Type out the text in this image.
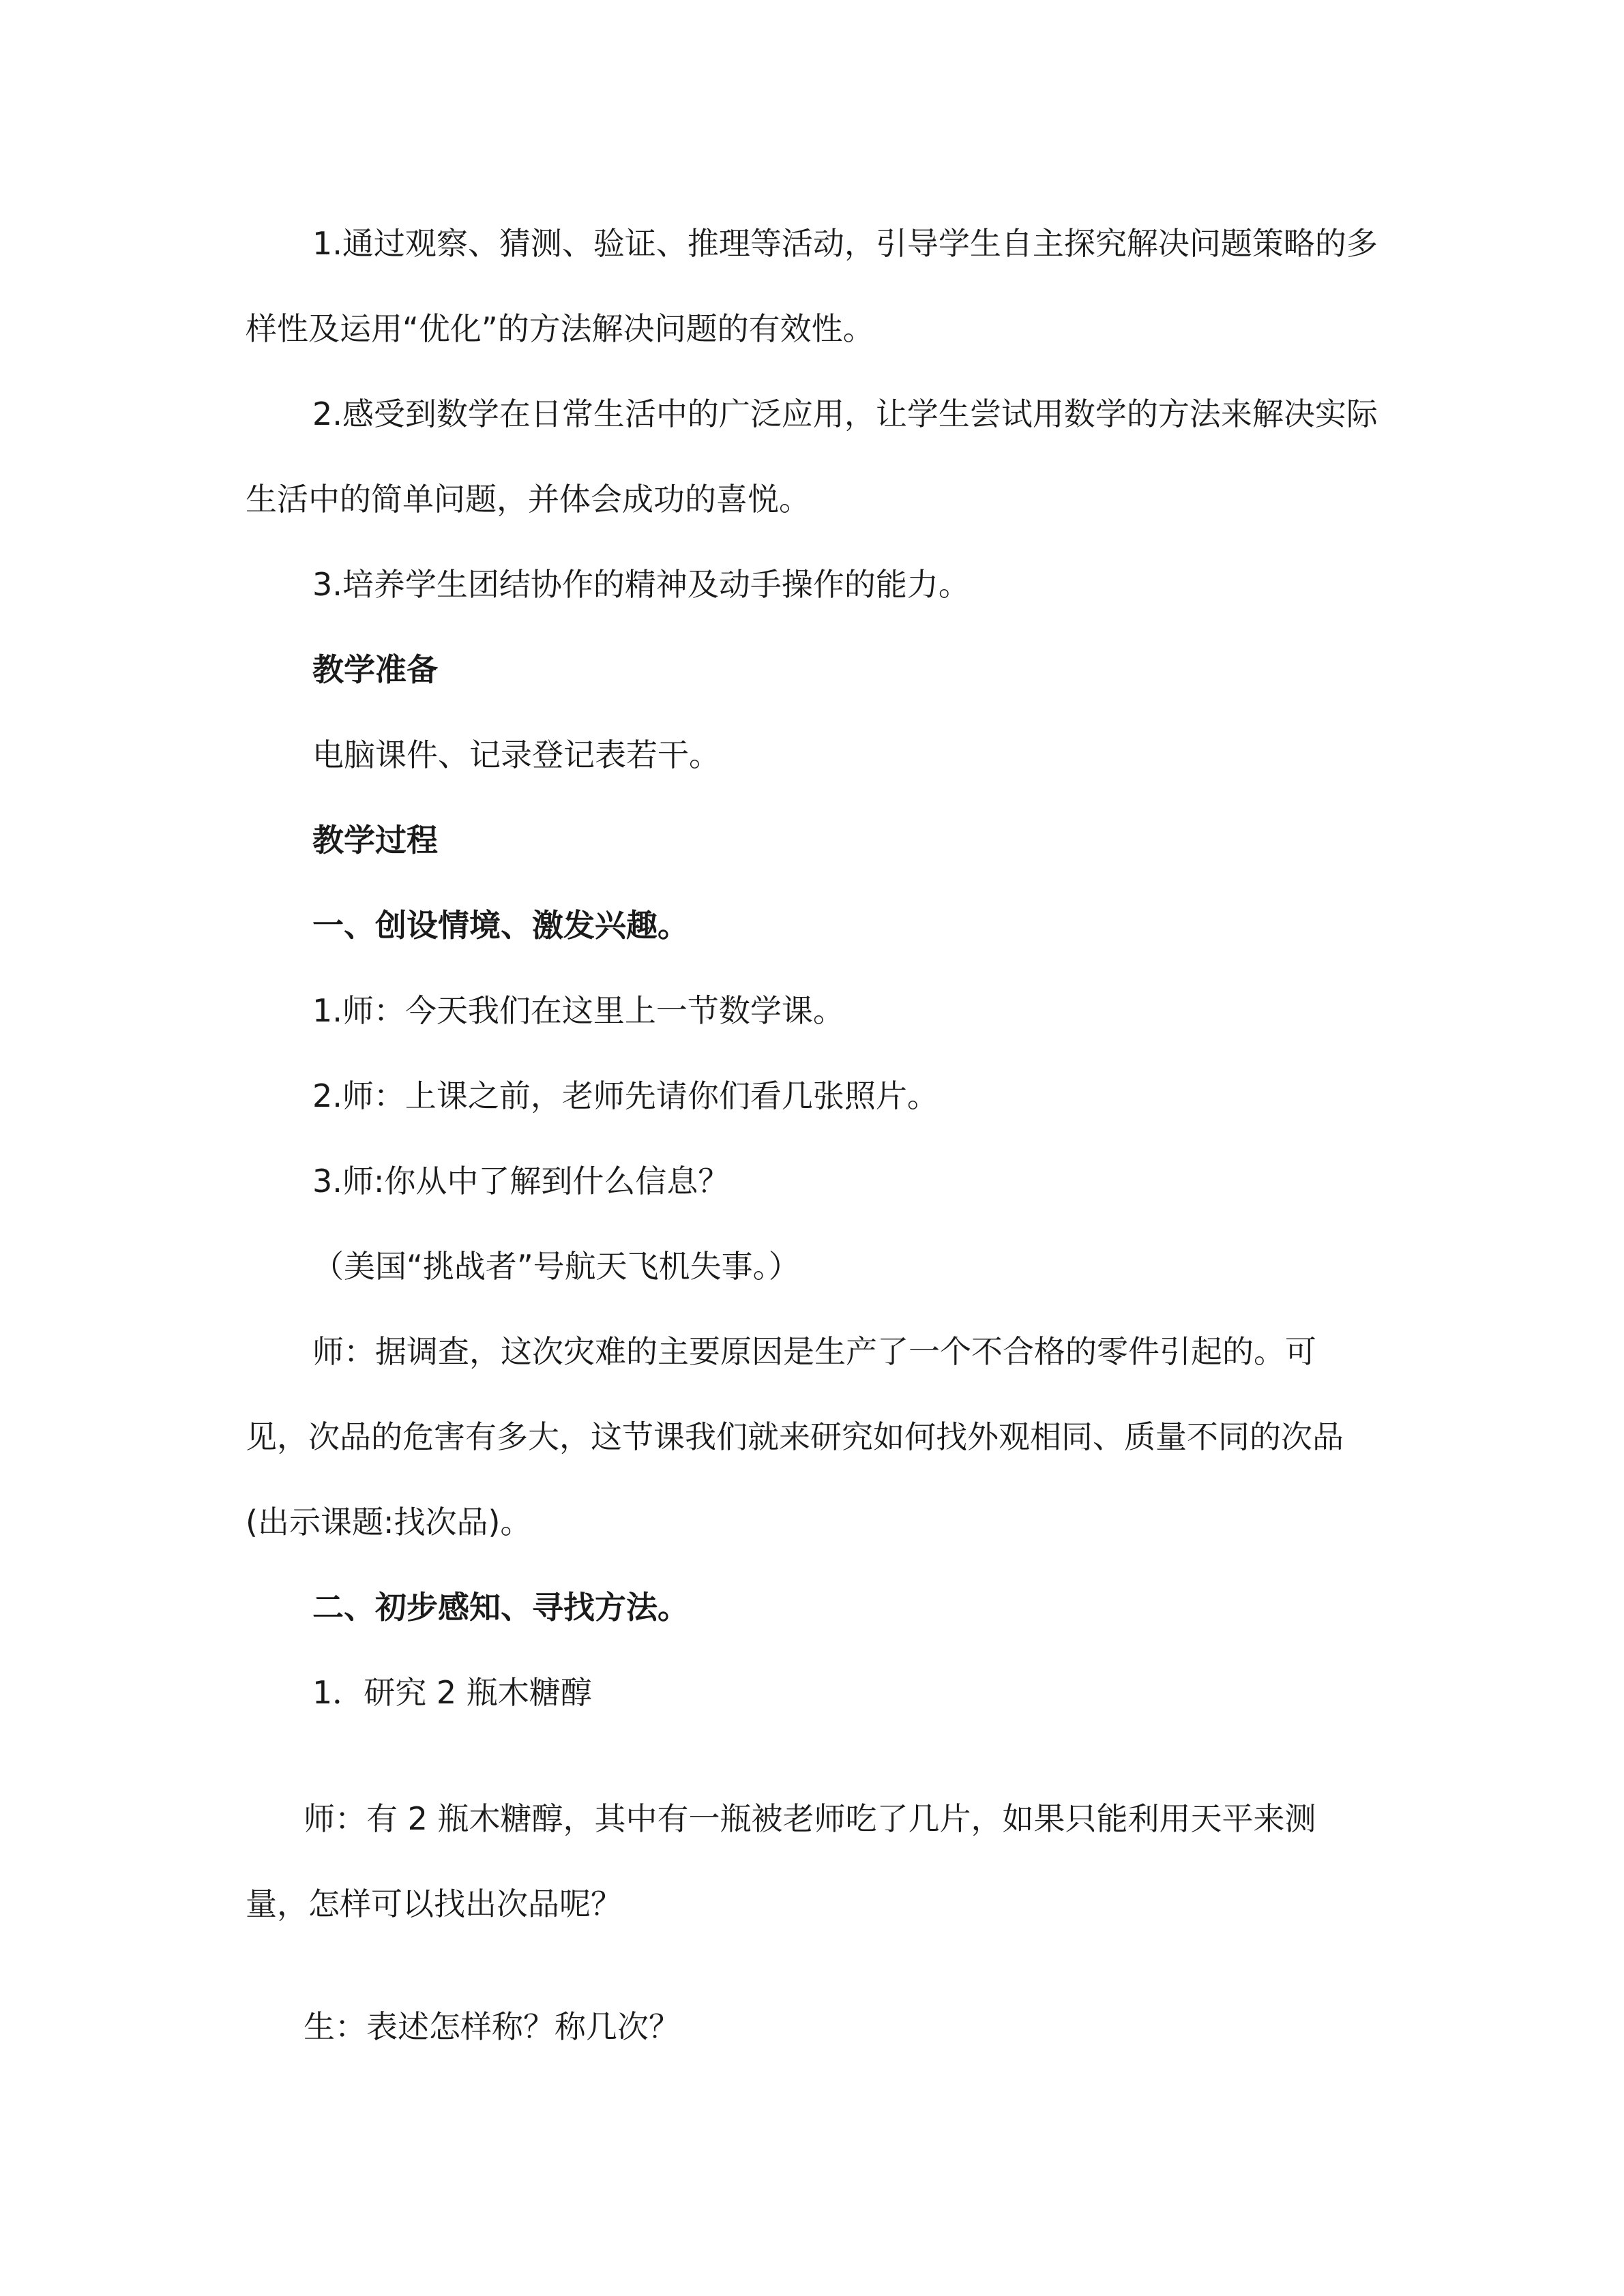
1.通过观察、猜测、验证、推理等活动，引导学生自主探究解决问题策略的多样性及运用“优化”的方法解决问题的有效性。

2.感受到数学在日常生活中的广泛应用，让学生尝试用数学的方法来解决实际生活中的简单问题，并体会成功的喜悦。

3.培养学生团结协作的精神及动手操作的能力。

教学准备

电脑课件、记录登记表若干。

教学过程

一、创设情境、激发兴趣。

1.师：今天我们在这里上一节数学课。

2.师：上课之前，老师先请你们看几张照片。

3.师:你从中了解到什么信息？

（美国“挑战者”号航天飞机失事。）

师：据调查，这次灾难的主要原因是生产了一个不合格的零件引起的。可见，次品的危害有多大，这节课我们就来研究如何找外观相同、质量不同的次品(出示课题:找次品)。

二、初步感知、寻找方法。

1．研究 2 瓶木糖醇

师：有 2 瓶木糖醇，其中有一瓶被老师吃了几片，如果只能利用天平来测量，怎样可以找出次品呢？

生：表述怎样称？称几次？
